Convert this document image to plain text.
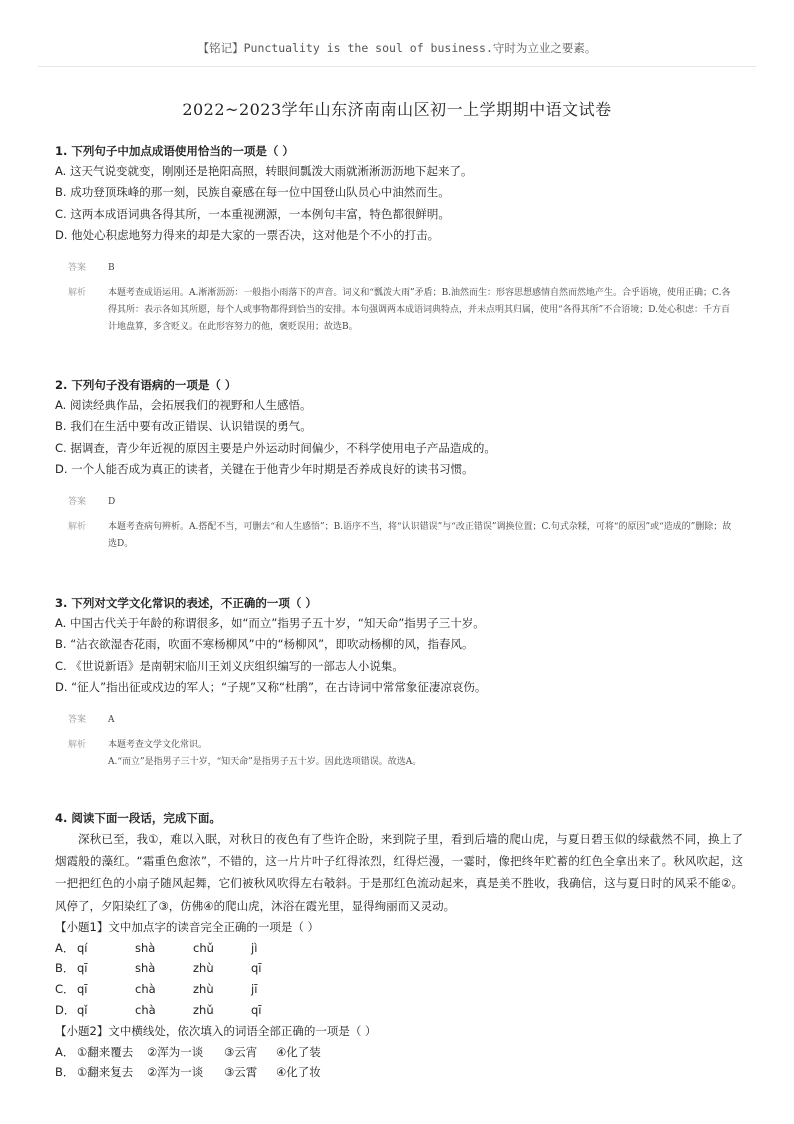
【铭记】Punctuality is the soul of business.守时为立业之要素。
2022~2023学年山东济南南山区初一上学期期中语文试卷
1. 下列句子中加点成语使用恰当的一项是（ ）
A. 这天气说变就变，刚刚还是艳阳高照，转眼间瓢泼大雨就淅淅沥沥地下起来了。
B. 成功登顶珠峰的那一刻，民族自豪感在每一位中国登山队员心中油然而生。
C. 这两本成语词典各得其所，一本重视溯源，一本例句丰富，特色都很鲜明。
D. 他处心积虑地努力得来的却是大家的一票否决，这对他是个不小的打击。
答案 B
解析 本题考查成语运用。A.淅淅沥沥：一般指小雨落下的声音。词义和“瓢泼大雨”矛盾；B.油然而生：形容思想感情自然而然地产生。合乎语境，使用正确；C.各得其所：表示各如其所愿，每个人或事物都得到恰当的安排。本句强调两本成语词典特点，并未点明其归属，使用“各得其所”不合语境；D.处心积虑：千方百计地盘算，多含贬义。在此形容努力的他，褒贬误用；故选B。
2. 下列句子没有语病的一项是（ ）
A. 阅读经典作品，会拓展我们的视野和人生感悟。
B. 我们在生活中要有改正错误、认识错误的勇气。
C. 据调查，青少年近视的原因主要是户外运动时间偏少，不科学使用电子产品造成的。
D. 一个人能否成为真正的读者，关键在于他青少年时期是否养成良好的读书习惯。
答案 D
解析 本题考查病句辨析。A.搭配不当，可删去“和人生感悟”；B.语序不当，将“认识错误”与“改正错误”调换位置；C.句式杂糅，可将“的原因”或“造成的”删除；故选D。
3. 下列对文学文化常识的表述，不正确的一项（ ）
A. 中国古代关于年龄的称谓很多，如“而立”指男子五十岁，“知天命”指男子三十岁。
B. “沾衣欲湿杏花雨，吹面不寒杨柳风”中的“杨柳风”，即吹动杨柳的风，指春风。
C. 《世说新语》是南朝宋临川王刘义庆组织编写的一部志人小说集。
D. “征人”指出征或戍边的军人；“子规”又称“杜鹃”，在古诗词中常常象征凄凉哀伤。
答案 A
解析 本题考查文学文化常识。
A.“而立”是指男子三十岁，“知天命”是指男子五十岁。因此选项错误。故选A。
4. 阅读下面一段话，完成下面。
深秋已至，我①，难以入眠，对秋日的夜色有了些许企盼，来到院子里，看到后墙的爬山虎，与夏日碧玉似的绿截然不同，换上了烟霞般的藻红。“霜重色愈浓”，不错的，这一片片叶子红得浓烈，红得烂漫，一霎时，像把终年贮蓄的红色全拿出来了。秋风吹起，这一把把红色的小扇子随风起舞，它们被秋风吹得左右攲斜。于是那红色流动起来，真是美不胜收，我确信，这与夏日时的风采不能②。风停了，夕阳染红了③，仿佛④的爬山虎，沐浴在霞光里，显得绚丽而又灵动。
【小题1】文中加点字的读音完全正确的一项是（ ）
A． qí	shà	chǔ	jì
B． qī	shà	zhù	qī
C． qī	chà	zhù	jī
D． qǐ	chà	zhǔ	qī
【小题2】文中横线处，依次填入的词语全部正确的一项是（ ）
A． ①翻来覆去 ②浑为一谈 ③云宵 ④化了装
B． ①翻来复去 ②浑为一谈 ③云霄 ④化了妆
